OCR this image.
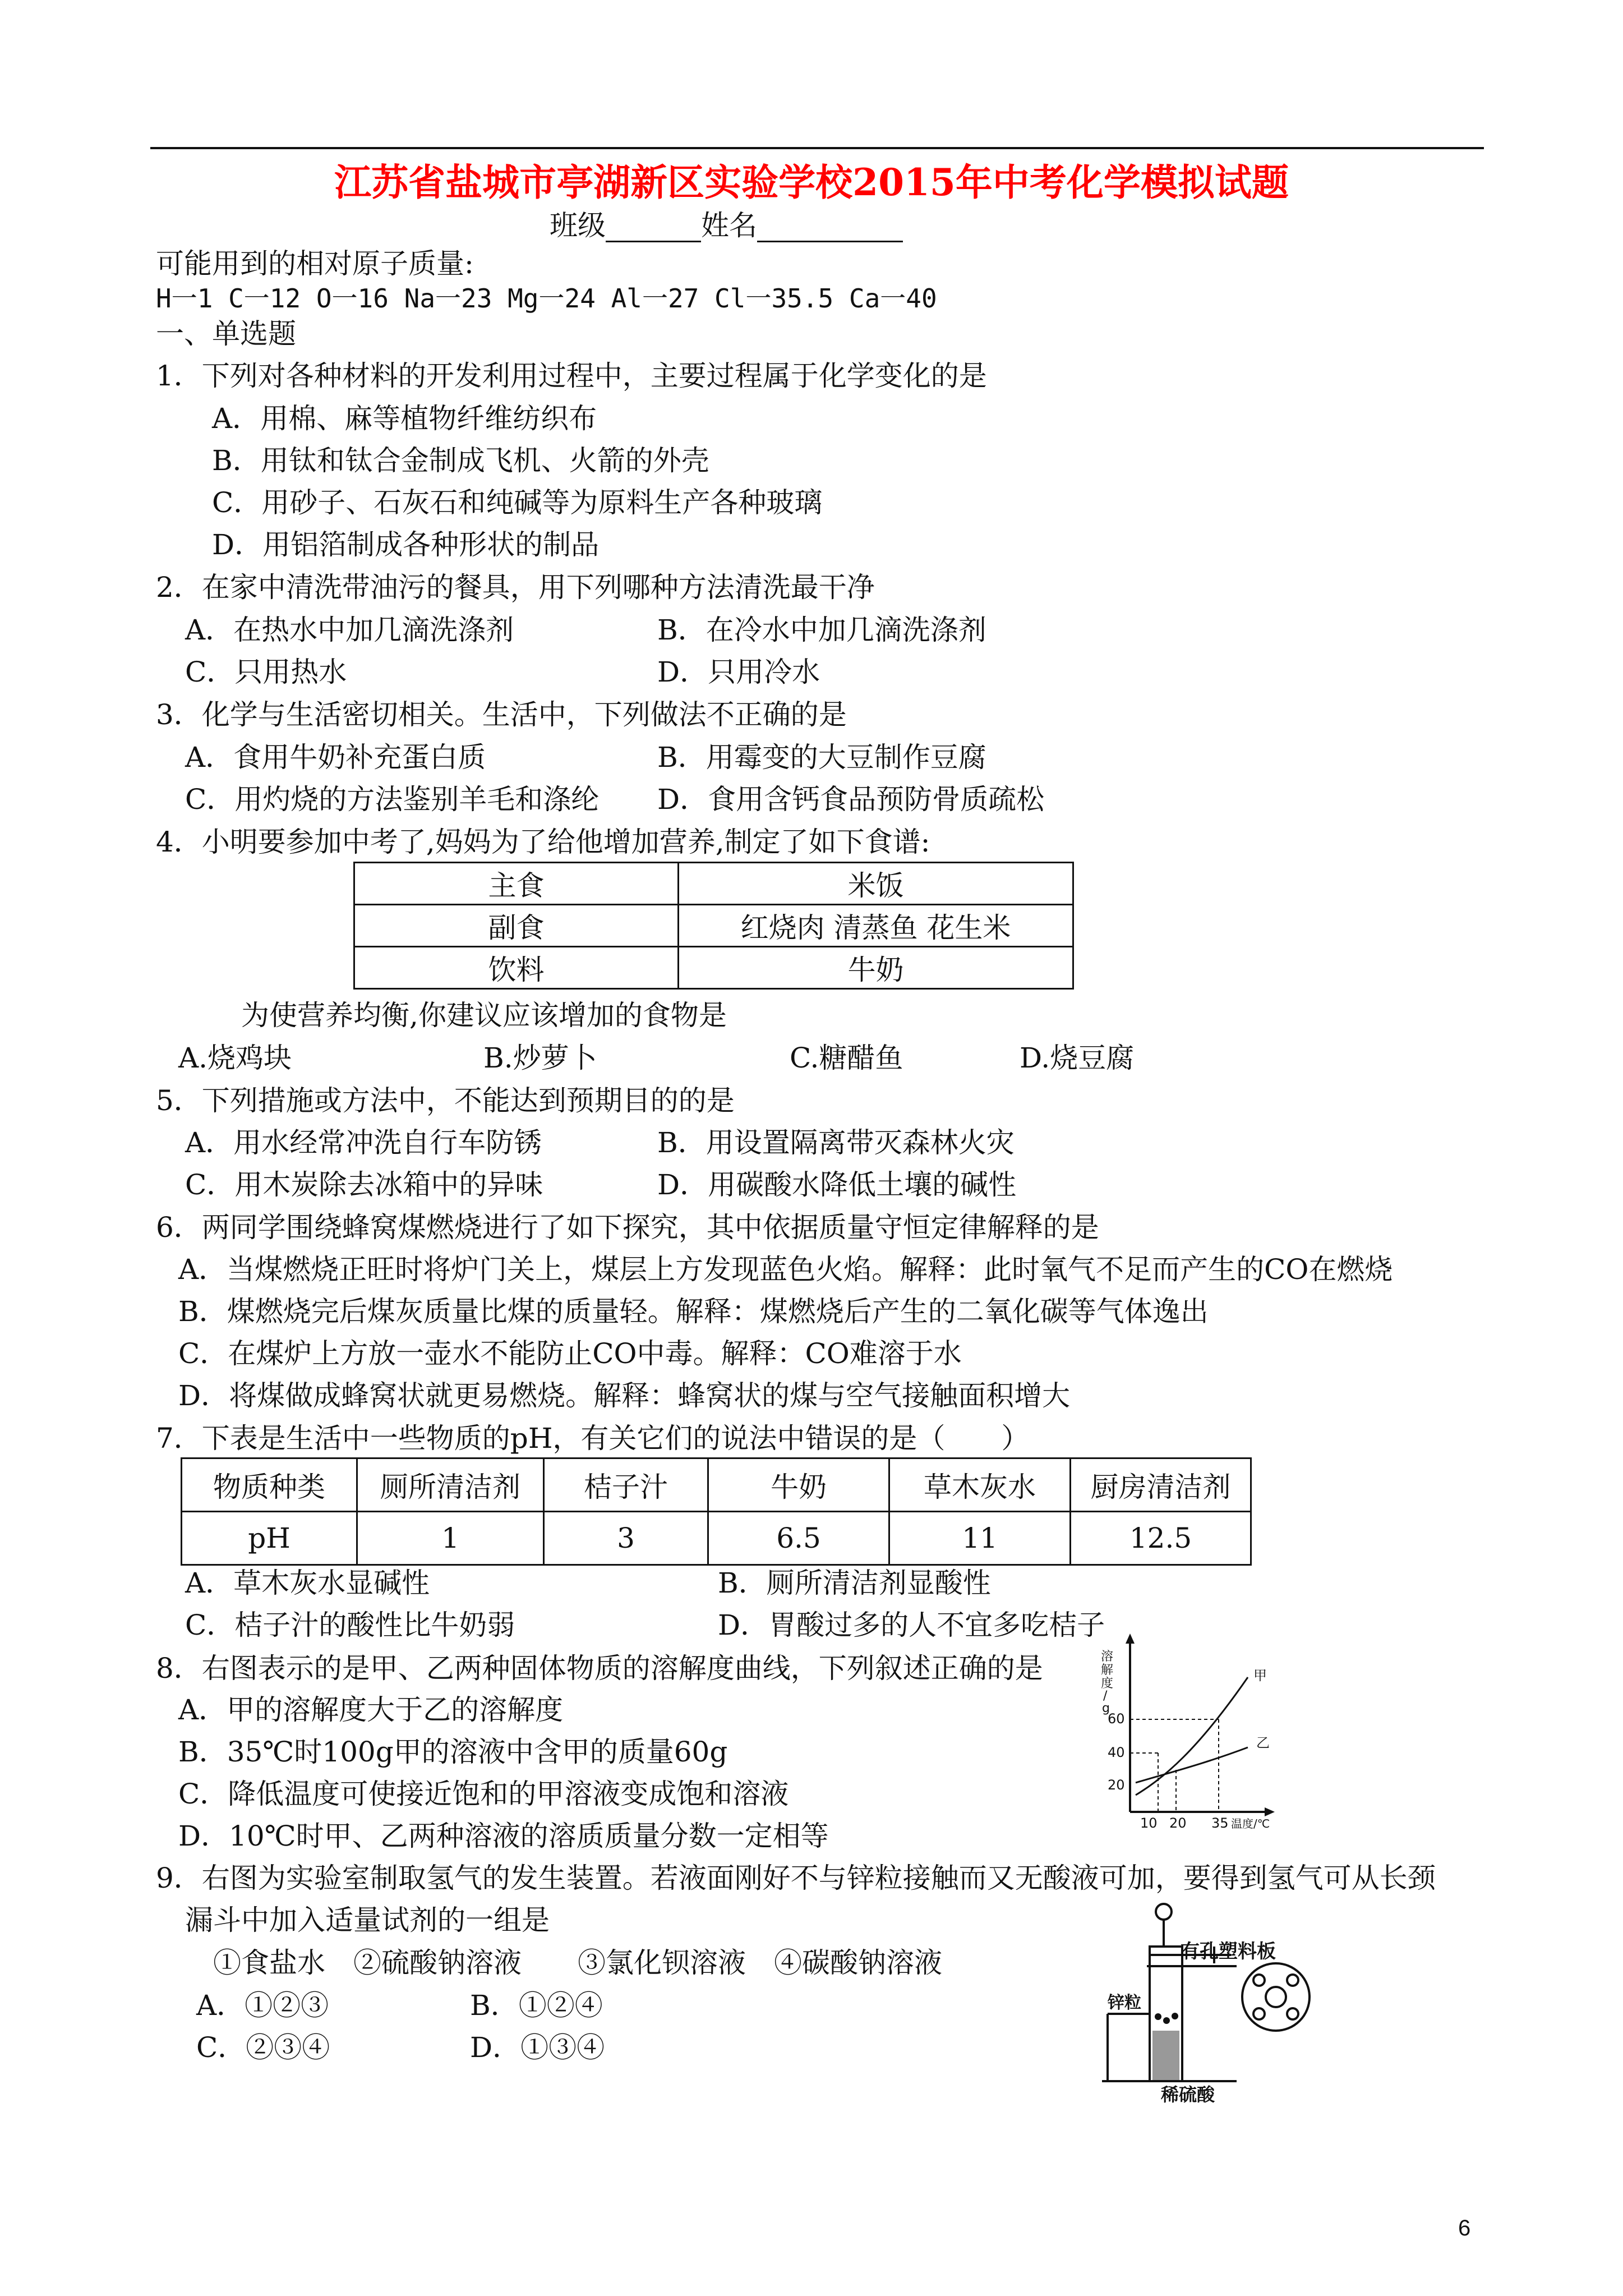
江苏省盐城市亭湖新区实验学校2015年中考化学模拟试题
班级	姓名
可能用到的相对原子质量:
H一1 C一12 O一16 Na一23 Mg一24 Al一27 Cl一35.5 Ca一40
一、单选题
1．下列对各种材料的开发利用过程中，主要过程属于化学变化的是
A．用棉、麻等植物纤维纺织布
B．用钛和钛合金制成飞机、火箭的外壳
C．用砂子、石灰石和纯碱等为原料生产各种玻璃
D．用铝箔制成各种形状的制品
2．在家中清洗带油污的餐具，用下列哪种方法清洗最干净
A．在热水中加几滴洗涤剂	B．在冷水中加几滴洗涤剂
C．只用热水	D．只用冷水
3．化学与生活密切相关。生活中，下列做法不正确的是
A．食用牛奶补充蛋白质	B．用霉变的大豆制作豆腐
C．用灼烧的方法鉴别羊毛和涤纶 D．食用含钙食品预防骨质疏松
4．小明要参加中考了,妈妈为了给他增加营养,制定了如下食谱:
主食	米饭
副食	红烧肉 清蒸鱼 花生米
饮料	牛奶
为使营养均衡,你建议应该增加的食物是
A.烧鸡块	B.炒萝卜	C.糖醋鱼	D.烧豆腐
5．下列措施或方法中，不能达到预期目的的是
A．用水经常冲洗自行车防锈	B．用设置隔离带灭森林火灾
C．用木炭除去冰箱中的异味	D．用碳酸水降低土壤的碱性
6．两同学围绕蜂窝煤燃烧进行了如下探究，其中依据质量守恒定律解释的是
A．当煤燃烧正旺时将炉门关上，煤层上方发现蓝色火焰。解释：此时氧气不足而产生的CO在燃烧
B．煤燃烧完后煤灰质量比煤的质量轻。解释：煤燃烧后产生的二氧化碳等气体逸出
C．在煤炉上方放一壶水不能防止CO中毒。解释：CO难溶于水
D．将煤做成蜂窝状就更易燃烧。解释：蜂窝状的煤与空气接触面积增大
7．下表是生活中一些物质的pH，有关它们的说法中错误的是（　　）
物质种类	厕所清洁剂	桔子汁	牛奶	草木灰水	厨房清洁剂
pH	1	3	6.5	11	12.5
A．草木灰水显碱性	B．厕所清洁剂显酸性
C．桔子汁的酸性比牛奶弱	D．胃酸过多的人不宜多吃桔子
8．右图表示的是甲、乙两种固体物质的溶解度曲线，下列叙述正确的是
A．甲的溶解度大于乙的溶解度
B．35℃时100g甲的溶液中含甲的质量60g
C．降低温度可使接近饱和的甲溶液变成饱和溶液
D．10℃时甲、乙两种溶液的溶质质量分数一定相等
溶
解
度
/
g
20
40
60
10 20 35 温度/℃
甲
乙
9．右图为实验室制取氢气的发生装置。若液面刚好不与锌粒接触而又无酸液可加，要得到氢气可从长颈
漏斗中加入适量试剂的一组是
①食盐水　②硫酸钠溶液　　③氯化钡溶液　④碳酸钠溶液
A．①②③	B．①②④
C．②③④	D．①③④
有孔塑料板
锌粒
稀硫酸
6
